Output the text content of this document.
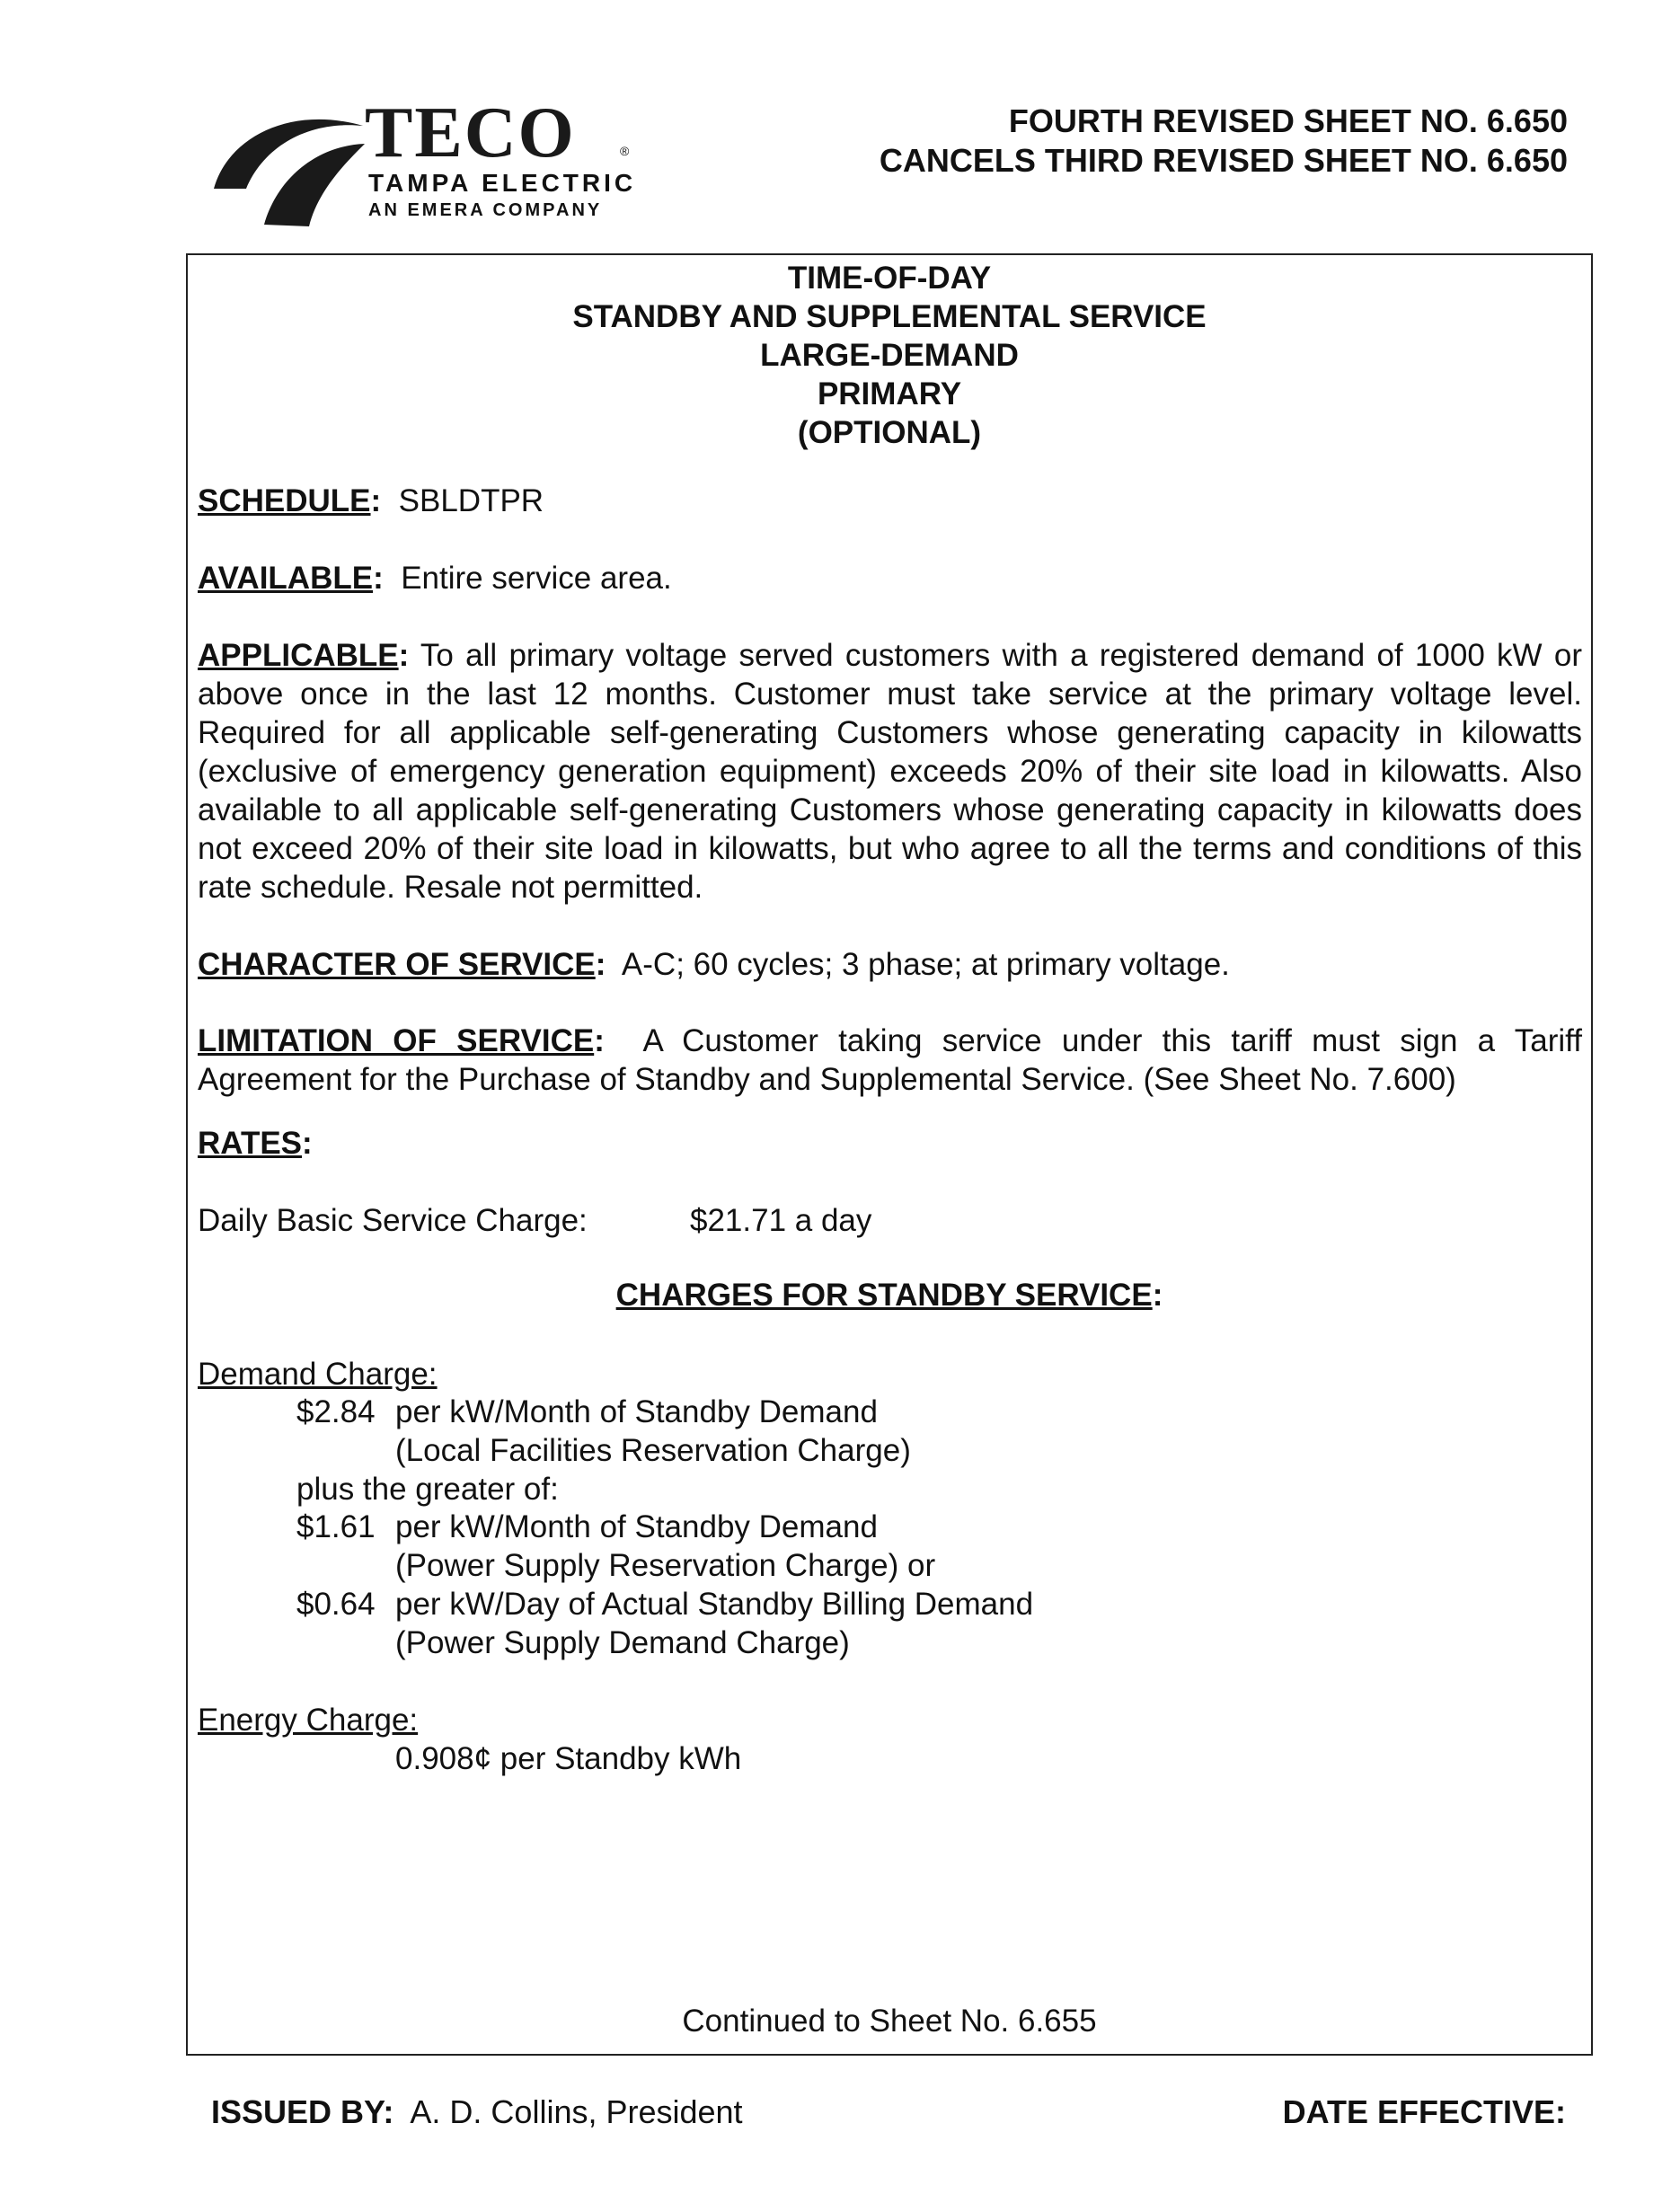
TECO	®
TAMPA ELECTRIC
AN EMERA COMPANY
FOURTH REVISED SHEET NO. 6.650
CANCELS THIRD REVISED SHEET NO. 6.650
TIME-OF-DAY
STANDBY AND SUPPLEMENTAL SERVICE
LARGE-DEMAND
PRIMARY
(OPTIONAL)
SCHEDULE: SBLDTPR
AVAILABLE: Entire service area.
APPLICABLE: To all primary voltage served customers with a registered demand of 1000 kW or above once in the last 12 months. Customer must take service at the primary voltage level. Required for all applicable self-generating Customers whose generating capacity in kilowatts (exclusive of emergency generation equipment) exceeds 20% of their site load in kilowatts. Also available to all applicable self-generating Customers whose generating capacity in kilowatts does not exceed 20% of their site load in kilowatts, but who agree to all the terms and conditions of this rate schedule. Resale not permitted.
CHARACTER OF SERVICE: A-C; 60 cycles; 3 phase; at primary voltage.
LIMITATION OF SERVICE: A Customer taking service under this tariff must sign a Tariff Agreement for the Purchase of Standby and Supplemental Service. (See Sheet No. 7.600)
RATES:
Daily Basic Service Charge:	$21.71 a day
CHARGES FOR STANDBY SERVICE:
Demand Charge:
$2.84 per kW/Month of Standby Demand
(Local Facilities Reservation Charge)
plus the greater of:
$1.61 per kW/Month of Standby Demand
(Power Supply Reservation Charge) or
$0.64 per kW/Day of Actual Standby Billing Demand
(Power Supply Demand Charge)
Energy Charge:
0.908¢ per Standby kWh
Continued to Sheet No. 6.655
ISSUED BY: A. D. Collins, President	DATE EFFECTIVE:
